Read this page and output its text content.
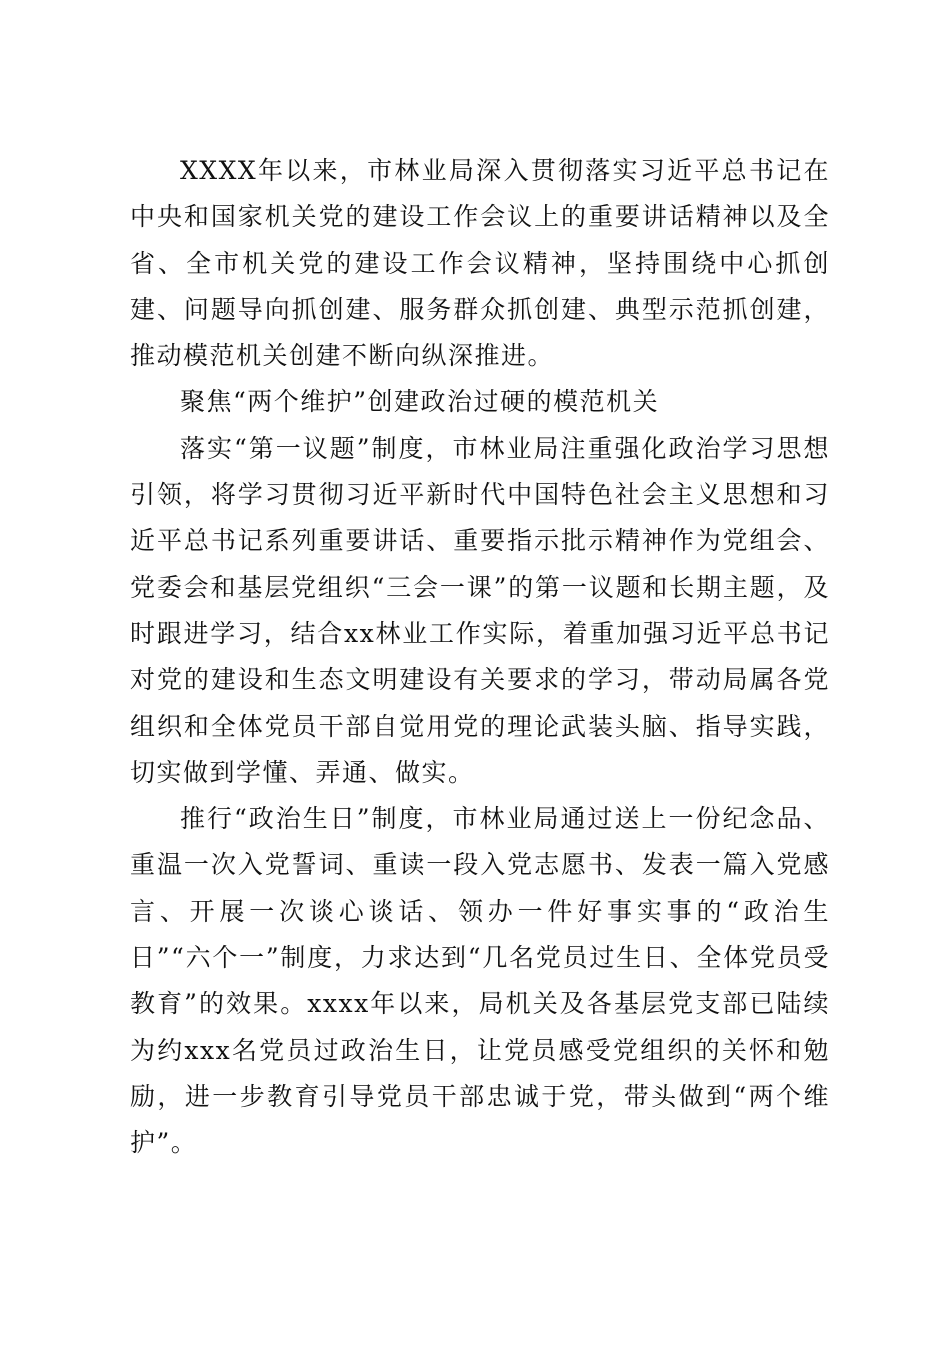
XXXX年以来，市林业局深入贯彻落实习近平总书记在中央和国家机关党的建设工作会议上的重要讲话精神以及全省、全市机关党的建设工作会议精神，坚持围绕中心抓创建、问题导向抓创建、服务群众抓创建、典型示范抓创建，推动模范机关创建不断向纵深推进。

聚焦“两个维护”创建政治过硬的模范机关

落实“第一议题”制度，市林业局注重强化政治学习思想引领，将学习贯彻习近平新时代中国特色社会主义思想和习近平总书记系列重要讲话、重要指示批示精神作为党组会、党委会和基层党组织“三会一课”的第一议题和长期主题，及时跟进学习，结合xx林业工作实际，着重加强习近平总书记对党的建设和生态文明建设有关要求的学习，带动局属各党组织和全体党员干部自觉用党的理论武装头脑、指导实践，切实做到学懂、弄通、做实。

推行“政治生日”制度，市林业局通过送上一份纪念品、重温一次入党誓词、重读一段入党志愿书、发表一篇入党感言、开展一次谈心谈话、领办一件好事实事的“政治生日”“六个一”制度，力求达到“几名党员过生日、全体党员受教育”的效果。xxxx年以来，局机关及各基层党支部已陆续为约xxx名党员过政治生日，让党员感受党组织的关怀和勉励，进一步教育引导党员干部忠诚于党，带头做到“两个维护”。
